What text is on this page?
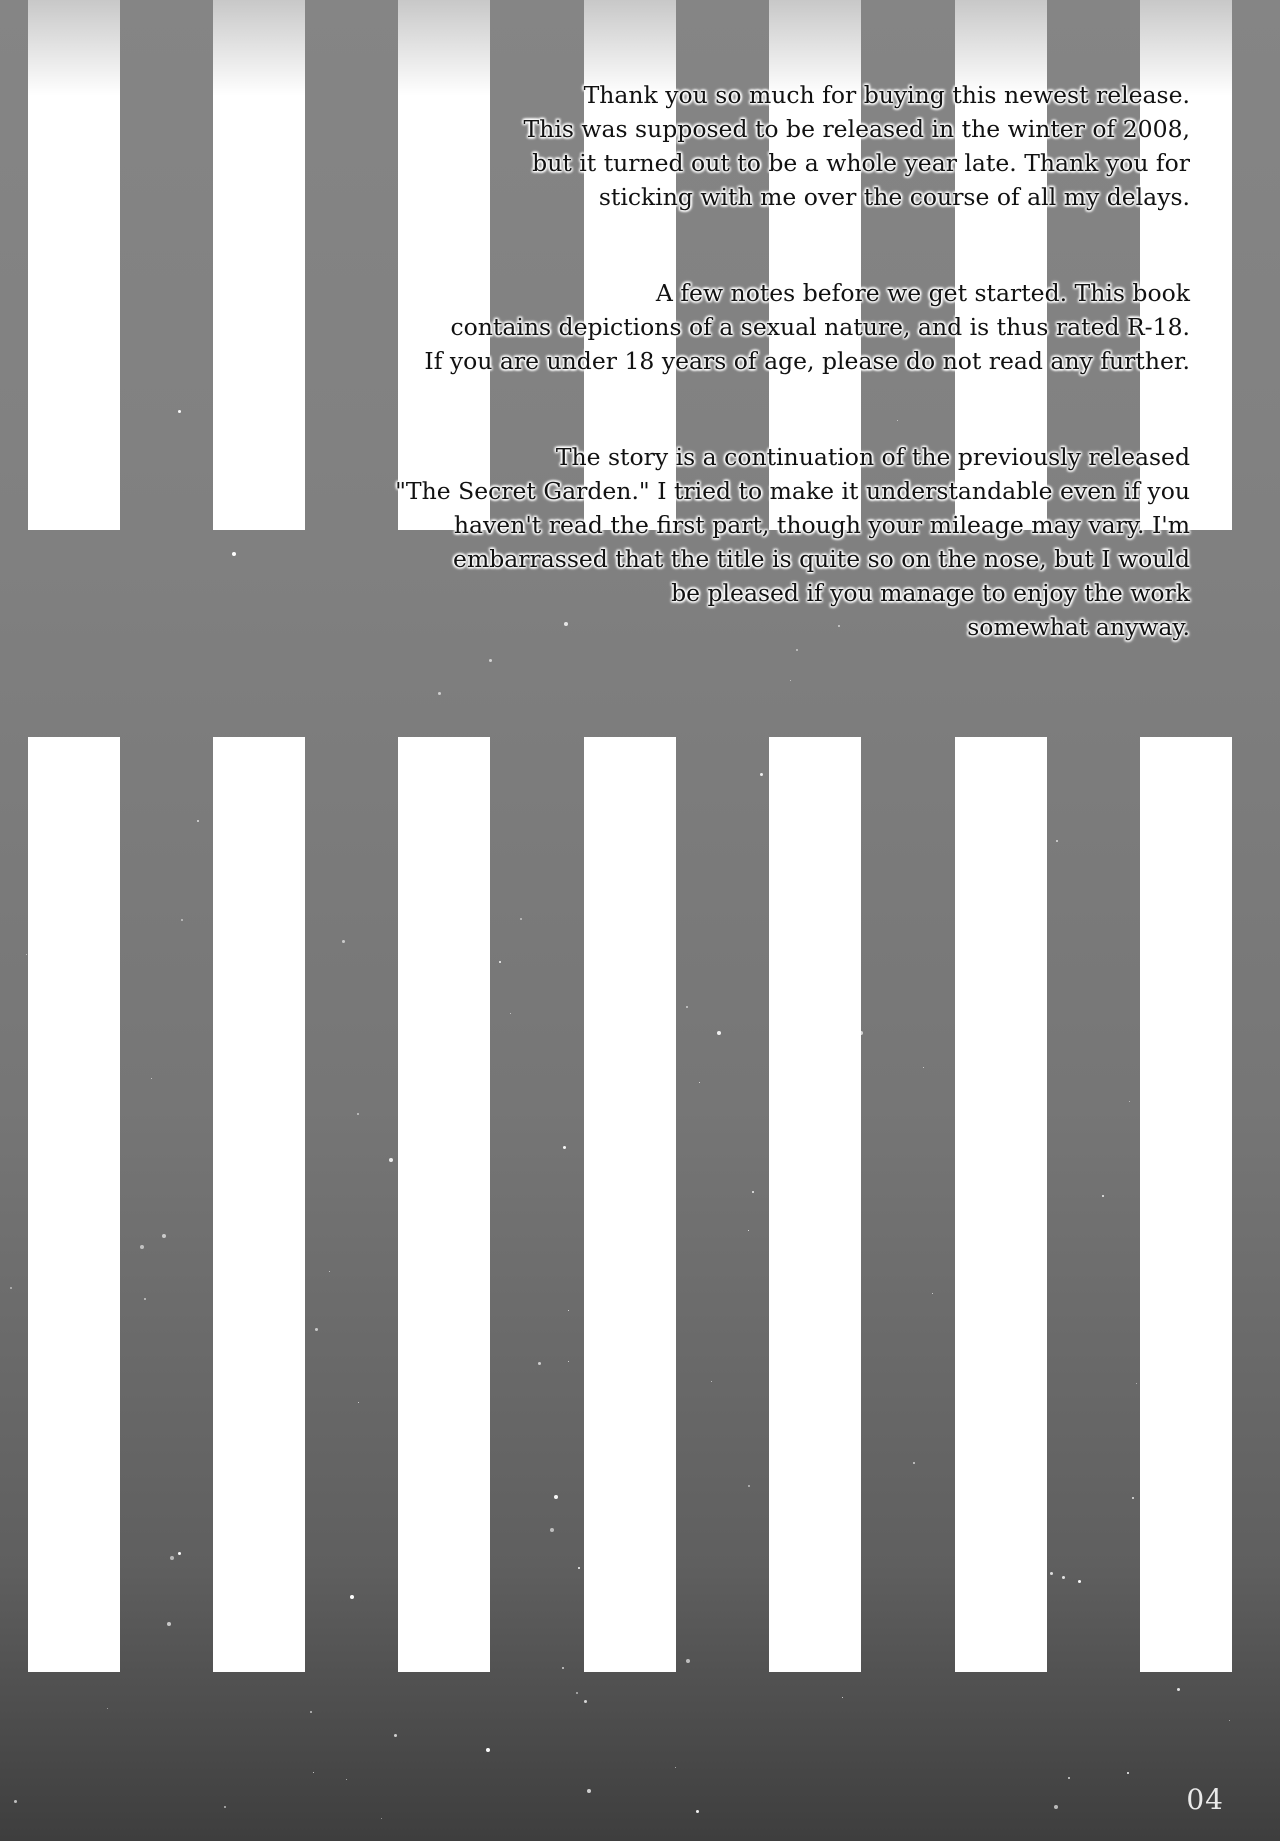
Thank you so much for buying this newest release.
This was supposed to be released in the winter of 2008,
but it turned out to be a whole year late. Thank you for
sticking with me over the course of all my delays.

A few notes before we get started. This book
contains depictions of a sexual nature, and is thus rated R-18.
If you are under 18 years of age, please do not read any further.

The story is a continuation of the previously released
"The Secret Garden." I tried to make it understandable even if you
haven't read the first part, though your mileage may vary. I'm
embarrassed that the title is quite so on the nose, but I would
be pleased if you manage to enjoy the work
somewhat anyway.

04
